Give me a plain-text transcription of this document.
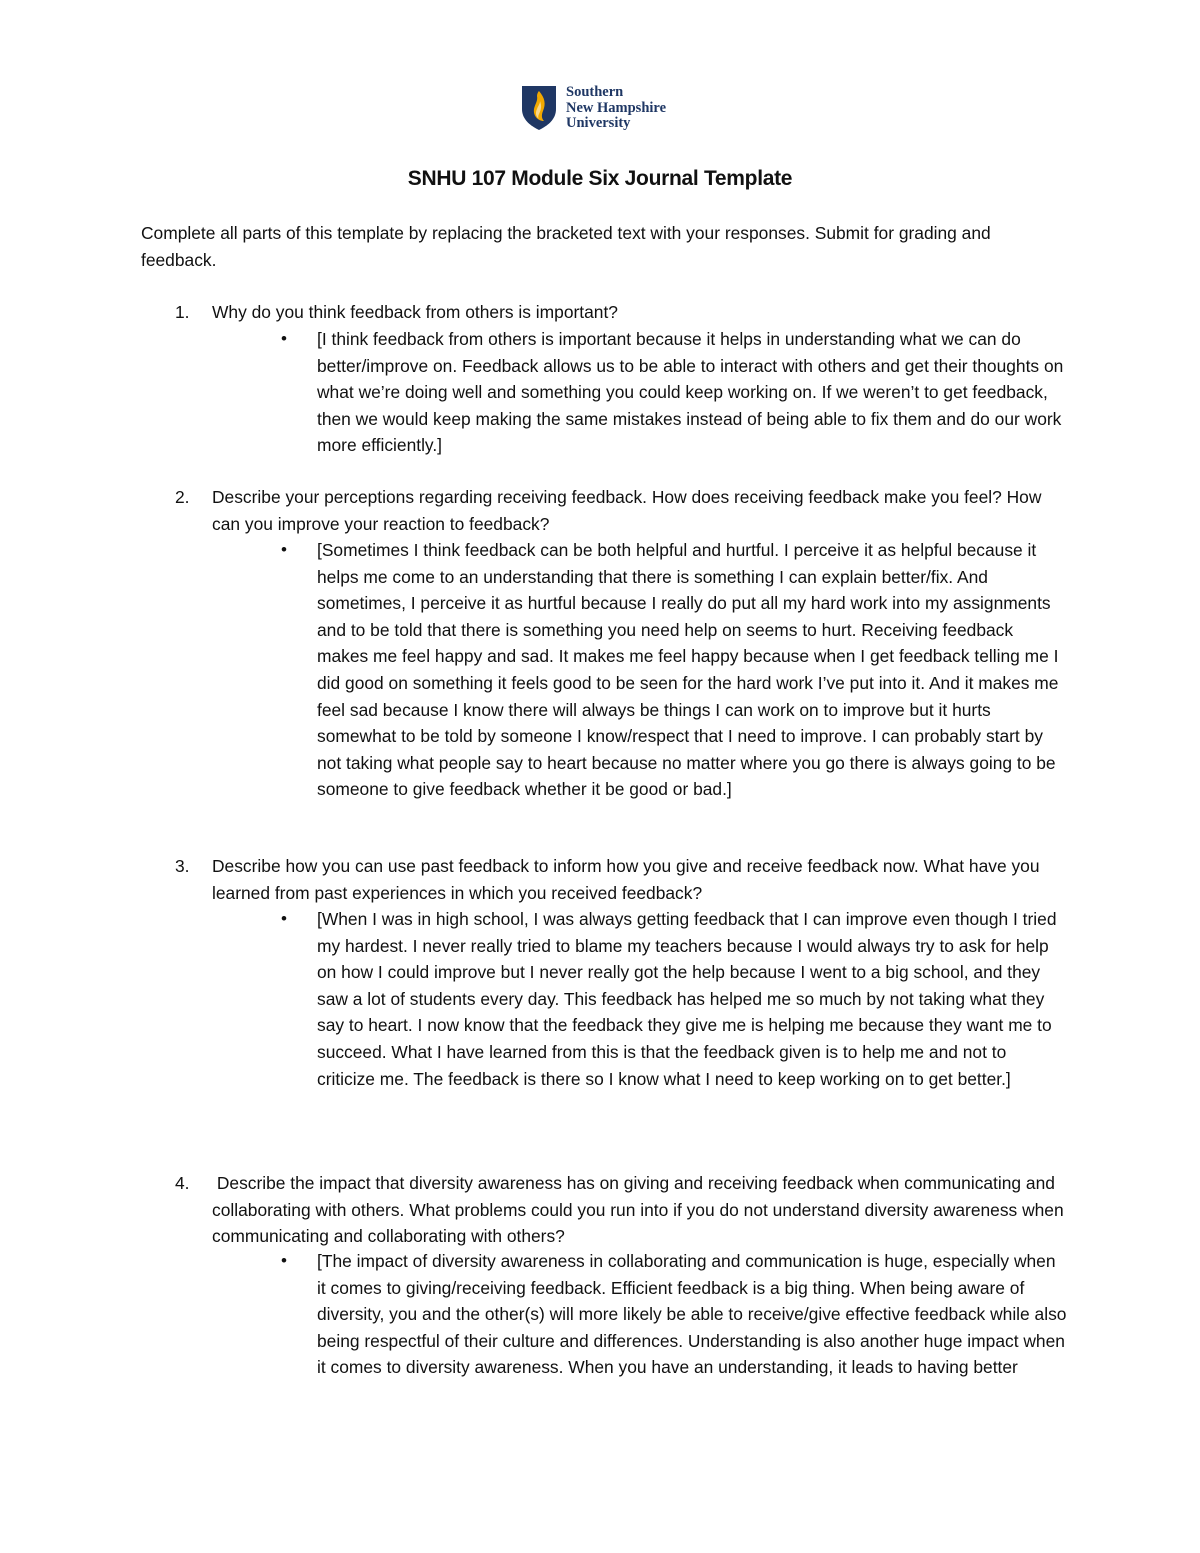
Southern
New Hampshire
University
SNHU 107 Module Six Journal Template

Complete all parts of this template by replacing the bracketed text with your responses. Submit for grading and feedback.

1. Why do you think feedback from others is important?
• [I think feedback from others is important because it helps in understanding what we can do better/improve on. Feedback allows us to be able to interact with others and get their thoughts on what we’re doing well and something you could keep working on. If we weren’t to get feedback, then we would keep making the same mistakes instead of being able to fix them and do our work more efficiently.]
2. Describe your perceptions regarding receiving feedback. How does receiving feedback make you feel? How can you improve your reaction to feedback?
• [Sometimes I think feedback can be both helpful and hurtful. I perceive it as helpful because it helps me come to an understanding that there is something I can explain better/fix. And sometimes, I perceive it as hurtful because I really do put all my hard work into my assignments and to be told that there is something you need help on seems to hurt. Receiving feedback makes me feel happy and sad. It makes me feel happy because when I get feedback telling me I did good on something it feels good to be seen for the hard work I’ve put into it. And it makes me feel sad because I know there will always be things I can work on to improve but it hurts somewhat to be told by someone I know/respect that I need to improve. I can probably start by not taking what people say to heart because no matter where you go there is always going to be someone to give feedback whether it be good or bad.]
3. Describe how you can use past feedback to inform how you give and receive feedback now. What have you learned from past experiences in which you received feedback?
• [When I was in high school, I was always getting feedback that I can improve even though I tried my hardest. I never really tried to blame my teachers because I would always try to ask for help on how I could improve but I never really got the help because I went to a big school, and they saw a lot of students every day. This feedback has helped me so much by not taking what they say to heart. I now know that the feedback they give me is helping me because they want me to succeed. What I have learned from this is that the feedback given is to help me and not to criticize me. The feedback is there so I know what I need to keep working on to get better.]
4. Describe the impact that diversity awareness has on giving and receiving feedback when communicating and collaborating with others. What problems could you run into if you do not understand diversity awareness when communicating and collaborating with others?
• [The impact of diversity awareness in collaborating and communication is huge, especially when it comes to giving/receiving feedback. Efficient feedback is a big thing. When being aware of diversity, you and the other(s) will more likely be able to receive/give effective feedback while also being respectful of their culture and differences. Understanding is also another huge impact when it comes to diversity awareness. When you have an understanding, it leads to having better
